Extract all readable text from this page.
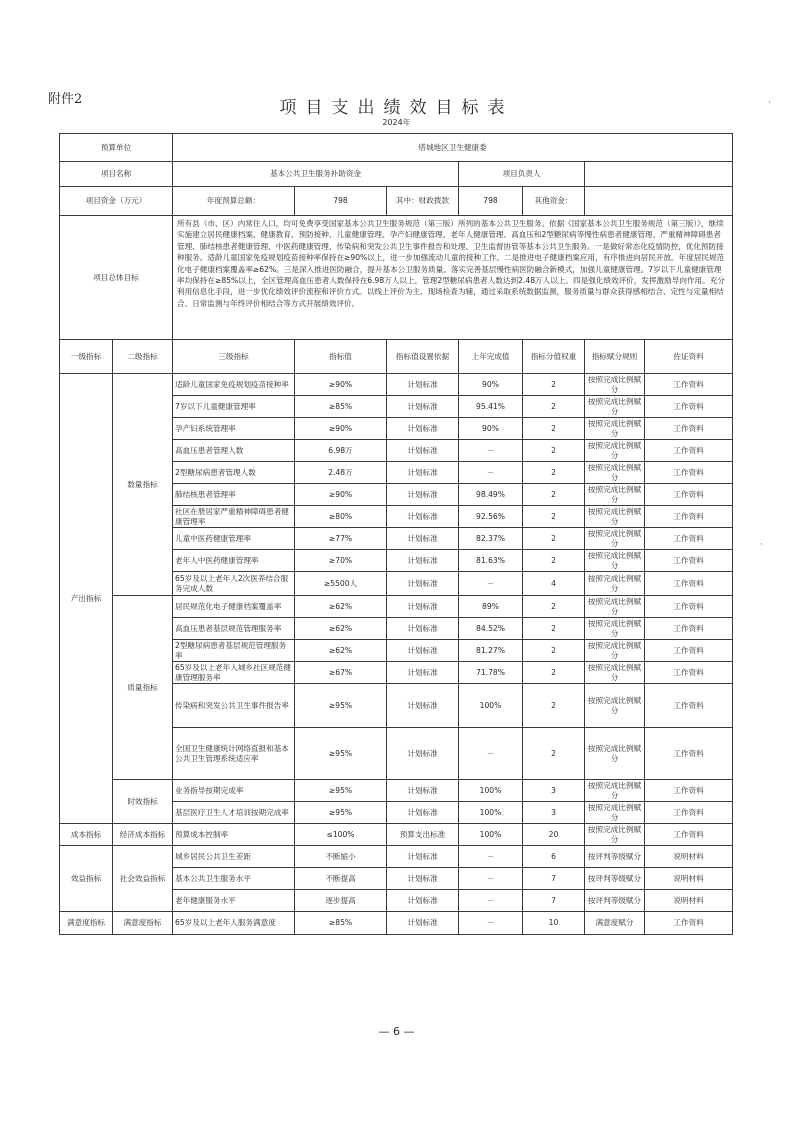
附件2	项目支出绩效目标表
2024年
·
·
预算单位		塔城地区卫生健康委						
项目名称		基本公共卫生服务补助资金			项目负责人			
项目资金（万元）		年度预算总额：	798	其中：财政拨款	798	其他资金：		
项目总体目标		所有县（市、区）内常住人口，均可免费享受国家基本公共卫生服务规范（第三版）所列的基本公共卫生服务。依据《国家基本公共卫生服务规范（第三版）》，继续实施建立居民健康档案、健康教育、预防接种、儿童健康管理、孕产妇健康管理、老年人健康管理、高血压和2型糖尿病等慢性病患者健康管理、严重精神障碍患者管理、肺结核患者健康管理、中医药健康管理、传染病和突发公共卫生事件报告和处理、卫生监督协管等基本公共卫生服务。一是做好常态化疫情防控，优化预防接种服务。适龄儿童国家免疫规划疫苗接种率保持在≥90%以上，进一步加强流动儿童的接种工作。二是推进电子健康档案应用，有序推进向居民开放。年度居民规范化电子健康档案覆盖率≥62%。三是深入推进医防融合，提升基本公卫服务质量。落实完善基层慢性病医防融合新模式，加强儿童健康管理。7岁以下儿童健康管理率均保持在≥85%以上，全区管理高血压患者人数保持在6.98万人以上，管理2型糖尿病患者人数达到2.48万人以上。四是强化绩效评价，发挥激励导向作用。充分利用信息化手段，进一步优化绩效评价流程和评价方式。以线上评价为主、现场检查为辅，通过采取系统数据监测，服务质量与群众获得感相结合、定性与定量相结合、日常监测与年终评价相结合等方式开展绩效评价。						
一级指标	二级指标	三级指标	指标值	指标值设置依据	上年完成值	指标分值权重	指标赋分规则	佐证资料
产出指标	数量指标	适龄儿童国家免疫规划疫苗接种率	≥90%	计划标准	90%	2	按照完成比例赋分	工作资料
		7岁以下儿童健康管理率	≥85%	计划标准	95.41%	2	按照完成比例赋分	工作资料
		孕产妇系统管理率	≥90%	计划标准	90%	2	按照完成比例赋分	工作资料
		高血压患者管理人数	6.98万	计划标准	－	2	按照完成比例赋分	工作资料
		2型糖尿病患者管理人数	2.48万	计划标准	－	2	按照完成比例赋分	工作资料
		肺结核患者管理率	≥90%	计划标准	98.49%	2	按照完成比例赋分	工作资料
		社区在册居家严重精神障碍患者健康管理率	≥80%	计划标准	92.56%	2	按照完成比例赋分	工作资料
		儿童中医药健康管理率	≥77%	计划标准	82.37%	2	按照完成比例赋分	工作资料
		老年人中医药健康管理率	≥70%	计划标准	81.63%	2	按照完成比例赋分	工作资料
		65岁及以上老年人2次医养结合服务完成人数	≥5500人	计划标准	－	4	按照完成比例赋分	工作资料
	质量指标	居民规范化电子健康档案覆盖率	≥62%	计划标准	89%	2	按照完成比例赋分	工作资料
		高血压患者基层规范管理服务率	≥62%	计划标准	84.52%	2	按照完成比例赋分	工作资料
		2型糖尿病患者基层规范管理服务率	≥62%	计划标准	81.27%	2	按照完成比例赋分	工作资料
		65岁及以上老年人城乡社区规范健康管理服务率	≥67%	计划标准	71.78%	2	按照完成比例赋分	工作资料
		传染病和突发公共卫生事件报告率	≥95%	计划标准	100%	2	按照完成比例赋分	工作资料
		全国卫生健康统计网络直报和基本公共卫生管理系统适应率	≥95%	计划标准	－	2	按照完成比例赋分	工作资料
	时效指标	业务指导按期完成率	≥95%	计划标准	100%	3	按照完成比例赋分	工作资料
		基层医疗卫生人才培训按期完成率	≥95%	计划标准	100%	3	按照完成比例赋分	工作资料
成本指标	经济成本指标	预算成本控制率	≤100%	预算支出标准	100%	20	按照完成比例赋分	工作资料
效益指标	社会效益指标	城乡居民公共卫生差距	不断缩小	计划标准	－	6	按评判等级赋分	说明材料
		基本公共卫生服务水平	不断提高	计划标准	－	7	按评判等级赋分	说明材料
		老年健康服务水平	逐步提高	计划标准	－	7	按评判等级赋分	说明材料
满意度指标	满意度指标	65岁及以上老年人服务满意度	≥85%	计划标准	－	10	满意度赋分	工作资料
— 6 —
